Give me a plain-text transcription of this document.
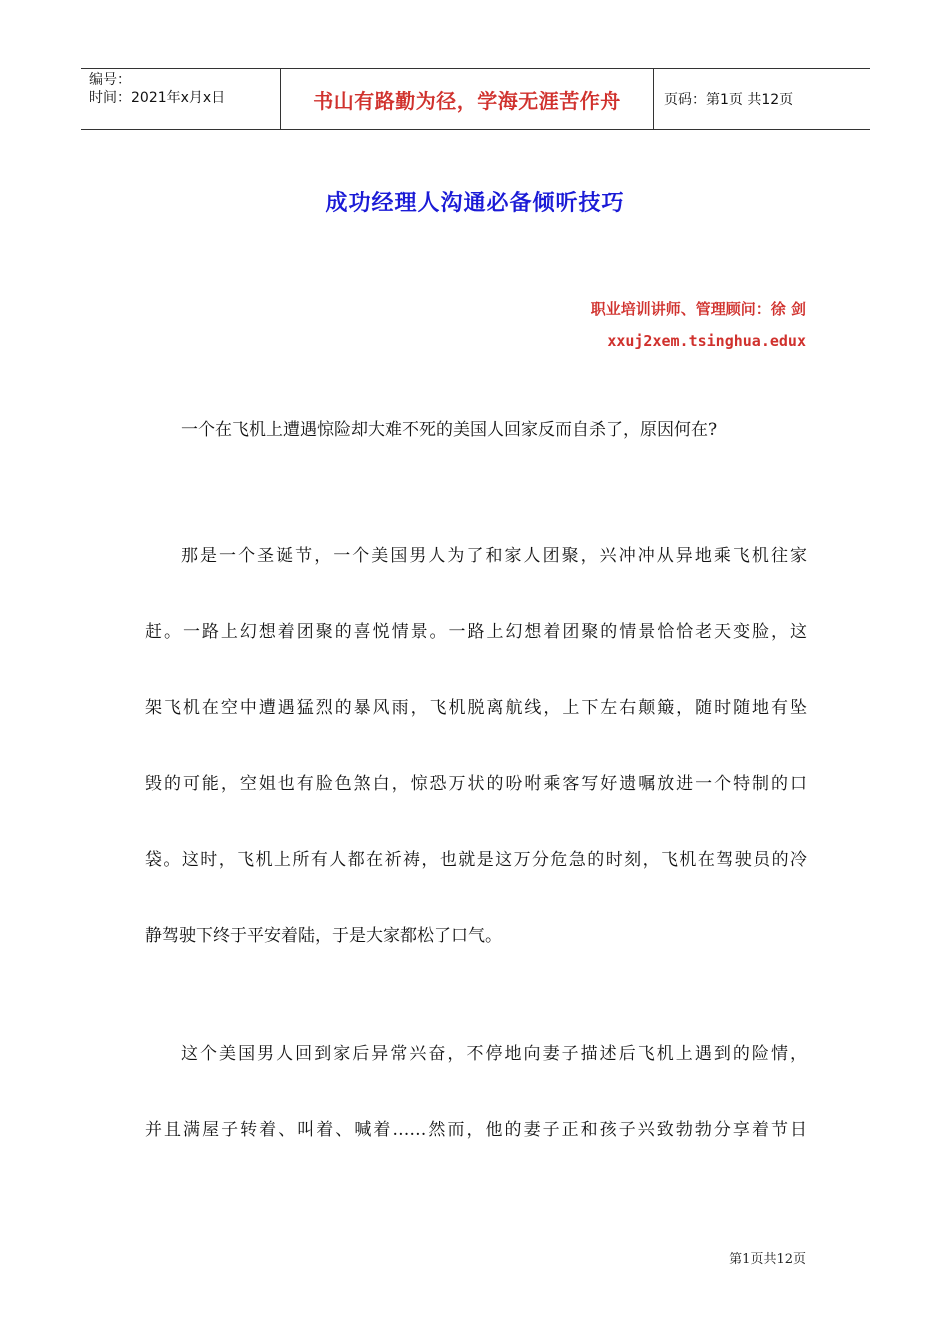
编号：
时间：2021年x月x日	书山有路勤为径，学海无涯苦作舟	页码：第1页 共12页
成功经理人沟通必备倾听技巧
职业培训讲师、管理顾问：徐 剑
xxuj2xem.tsinghua.edux
一个在飞机上遭遇惊险却大难不死的美国人回家反而自杀了，原因何在?
那是一个圣诞节，一个美国男人为了和家人团聚，兴冲冲从异地乘飞机往家
赶。一路上幻想着团聚的喜悦情景。一路上幻想着团聚的情景恰恰老天变脸，这
架飞机在空中遭遇猛烈的暴风雨，飞机脱离航线，上下左右颠簸，随时随地有坠
毁的可能，空姐也有脸色煞白，惊恐万状的吩咐乘客写好遗嘱放进一个特制的口
袋。这时，飞机上所有人都在祈祷，也就是这万分危急的时刻，飞机在驾驶员的冷
静驾驶下终于平安着陆，于是大家都松了口气。
这个美国男人回到家后异常兴奋，不停地向妻子描述后飞机上遇到的险情，
并且满屋子转着、叫着、喊着……然而，他的妻子正和孩子兴致勃勃分享着节日
第1页共12页
